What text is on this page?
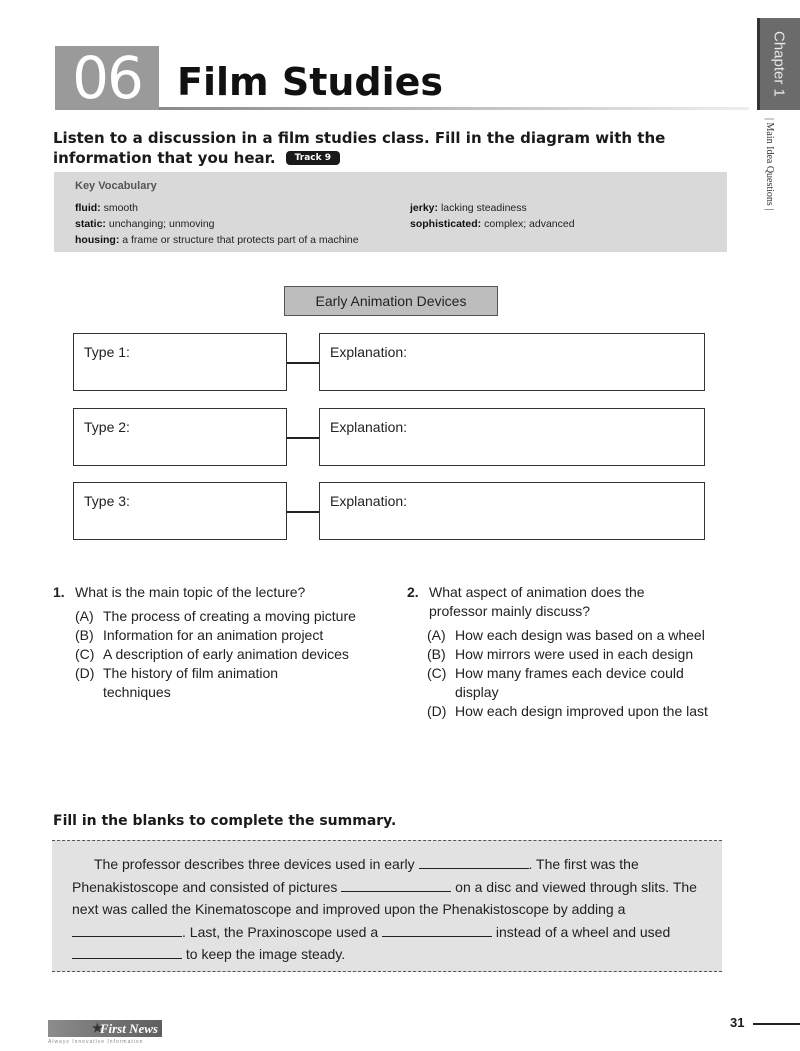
06 Film Studies	Chapter 1
| Main Idea Questions |
Listen to a discussion in a film studies class. Fill in the diagram with the information that you hear. Track 9
Key Vocabulary
fluid: smooth
static: unchanging; unmoving
housing: a frame or structure that protects part of a machine
jerky: lacking steadiness
sophisticated: complex; advanced
Early Animation Devices
Type 1:	Explanation:
Type 2:	Explanation:
Type 3:	Explanation:
1. What is the main topic of the lecture?
(A) The process of creating a moving picture
(B) Information for an animation project
(C) A description of early animation devices
(D) The history of film animation techniques
2. What aspect of animation does the professor mainly discuss?
(A) How each design was based on a wheel
(B) How mirrors were used in each design
(C) How many frames each device could display
(D) How each design improved upon the last
Fill in the blanks to complete the summary.
The professor describes three devices used in early	. The first was the Phenakistoscope and consisted of pictures	on a disc and viewed through slits. The next was called the Kinematoscope and improved upon the Phenakistoscope by adding a . Last, the Praxinoscope used a	instead of a wheel and used  to keep the image steady.
★
First News
Always Innovative Information
31
